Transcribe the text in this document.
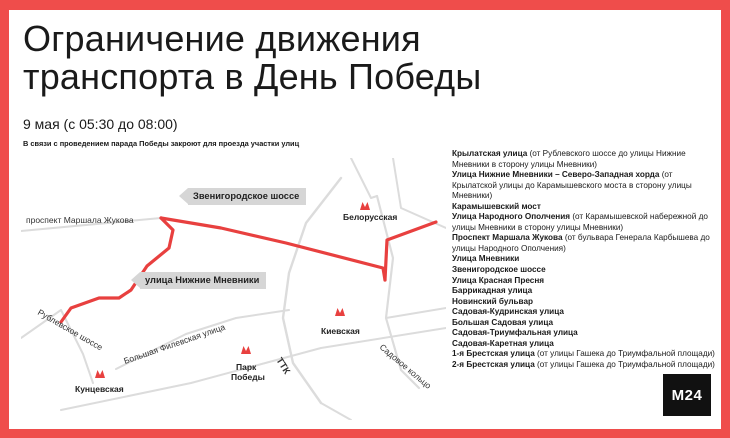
Ограничение движения
транспорта в День Победы
9 мая (с 05:30 до 08:00)
В связи с проведением парада Победы закроют для проезда участки улиц
проспект Маршала Жукова
Рублевское шоссе Большая Филевская улица
ТТК	Садовое кольцо
Белорусская
Киевская
Парк
Победы
Кунцевская
Звенигородское шоссе
улица Нижние Мневники
Крылатская улица (от Рублевского шоссе до улицы Нижние Мневники в сторону улицы Мневники)
Улица Нижние Мневники – Северо-Западная хорда (от Крылатской улицы до Карамышевского моста в сторону улицы Мневники)
Карамышевский мост
Улица Народного Ополчения (от Карамышевской набережной до улицы Мневники в сторону улицы Мневники)
Проспект Маршала Жукова (от бульвара Генерала Карбышева до улицы Народного Ополчения)
Улица Мневники
Звенигородское шоссе
Улица Красная Пресня
Баррикадная улица
Новинский бульвар
Садовая-Кудринская улица
Большая Садовая улица
Садовая-Триумфальная улица
Садовая-Каретная улица
1-я Брестская улица (от улицы Гашека до Триумфальной площади)
2-я Брестская улица (от улицы Гашека до Триумфальной площади)
М24
